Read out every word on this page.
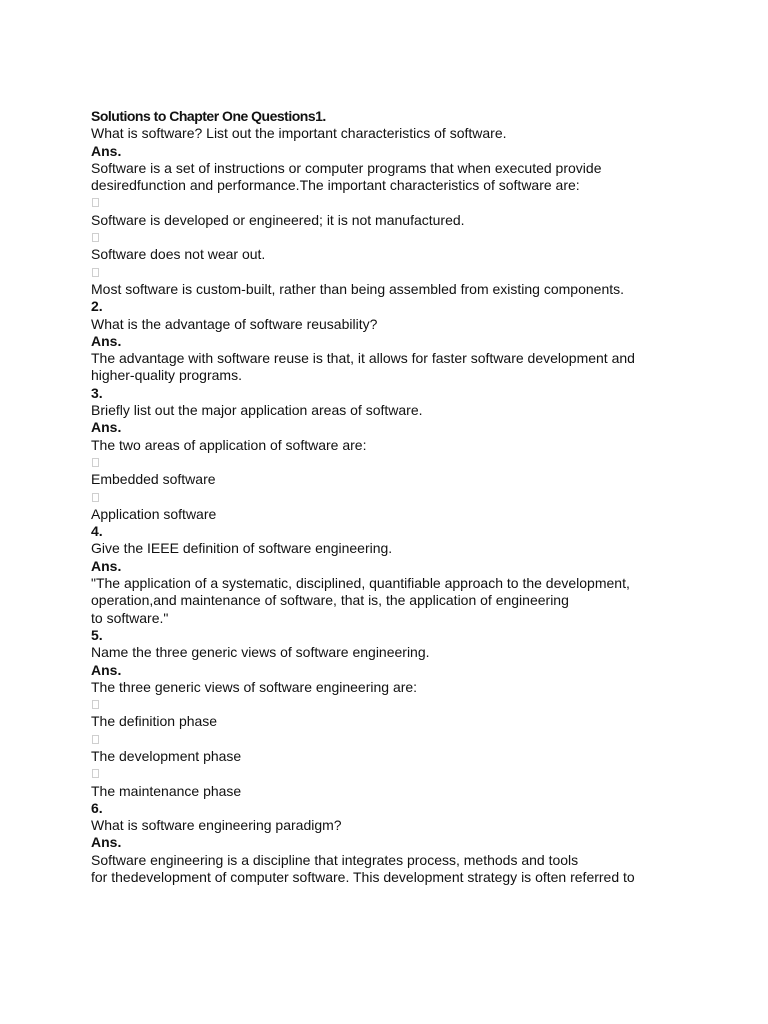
Solutions to Chapter One Questions1.
What is software? List out the important characteristics of software.
Ans.
Software is a set of instructions or computer programs that when executed provide
desiredfunction and performance.The important characteristics of software are:
Software is developed or engineered; it is not manufactured.
Software does not wear out.
Most software is custom-built, rather than being assembled from existing components.
2.
What is the advantage of software reusability?
Ans.
The advantage with software reuse is that, it allows for faster software development and
higher-quality programs.
3.
Briefly list out the major application areas of software.
Ans.
The two areas of application of software are:
Embedded software
Application software
4.
Give the IEEE definition of software engineering.
Ans.
"The application of a systematic, disciplined, quantifiable approach to the development,
operation,and maintenance of software, that is, the application of engineering
to software."
5.
Name the three generic views of software engineering.
Ans.
The three generic views of software engineering are:
The definition phase
The development phase
The maintenance phase
6.
What is software engineering paradigm?
Ans.
Software engineering is a discipline that integrates process, methods and tools
for thedevelopment of computer software. This development strategy is often referred to
